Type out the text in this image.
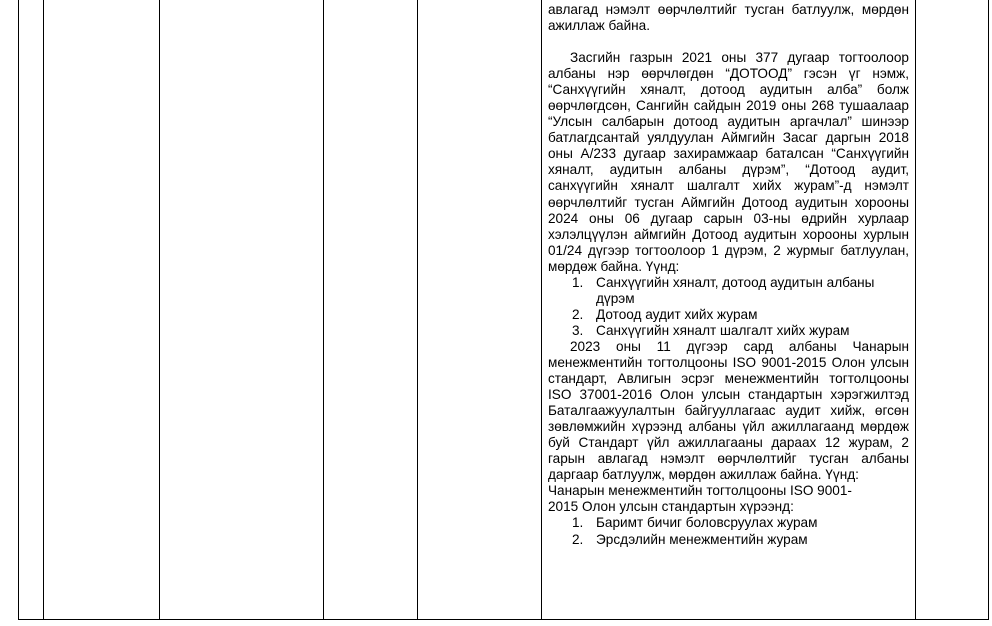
авлагад нэмэлт өөрчлөлтийг тусган батлуулж, мөрдөн ажиллаж байна.

Засгийн газрын 2021 оны 377 дугаар тогтоолоор албаны нэр өөрчлөгдөн “ДОТООД” гэсэн үг нэмж, “Санхүүгийн хяналт, дотоод аудитын алба” болж өөрчлөгдсөн, Сангийн сайдын 2019 оны 268 тушаалаар “Улсын салбарын дотоод аудитын аргачлал” шинээр батлагдсантай уялдуулан Аймгийн Засаг даргын 2018 оны А/233 дугаар захирамжаар баталсан “Санхүүгийн хяналт, аудитын албаны дүрэм”, “Дотоод аудит, санхүүгийн хяналт шалгалт хийх журам”-д нэмэлт өөрчлөлтийг тусган Аймгийн Дотоод аудитын хорооны 2024 оны 06 дугаар сарын 03-ны өдрийн хурлаар хэлэлцүүлэн аймгийн Дотоод аудитын хорооны хурлын 01/24 дүгээр тогтоолоор 1 дүрэм, 2 журмыг батлуулан, мөрдөж байна. Үүнд:

1. Санхүүгийн хяналт, дотоод аудитын албаны дүрэм
2. Дотоод аудит хийх журам
3. Санхүүгийн хяналт шалгалт хийх журам

2023 оны 11 дүгээр сард албаны Чанарын менежментийн тогтолцооны ISO 9001-2015 Олон улсын стандарт, Авлигын эсрэг менежментийн тогтолцооны ISO 37001-2016 Олон улсын стандартын хэрэгжилтэд Баталгаажуулалтын байгууллагаас аудит хийж, өгсөн зөвлөмжийн хүрээнд албаны үйл ажиллагаанд мөрдөж буй Стандарт үйл ажиллагааны дараах 12 журам, 2 гарын авлагад нэмэлт өөрчлөлтийг тусган албаны даргаар батлуулж, мөрдөн ажиллаж байна. Үүнд:

Чанарын менежментийн тогтолцооны ISO 9001-

2015 Олон улсын стандартын хүрээнд:

1. Баримт бичиг боловсруулах журам
2. Эрсдэлийн менежментийн журам
